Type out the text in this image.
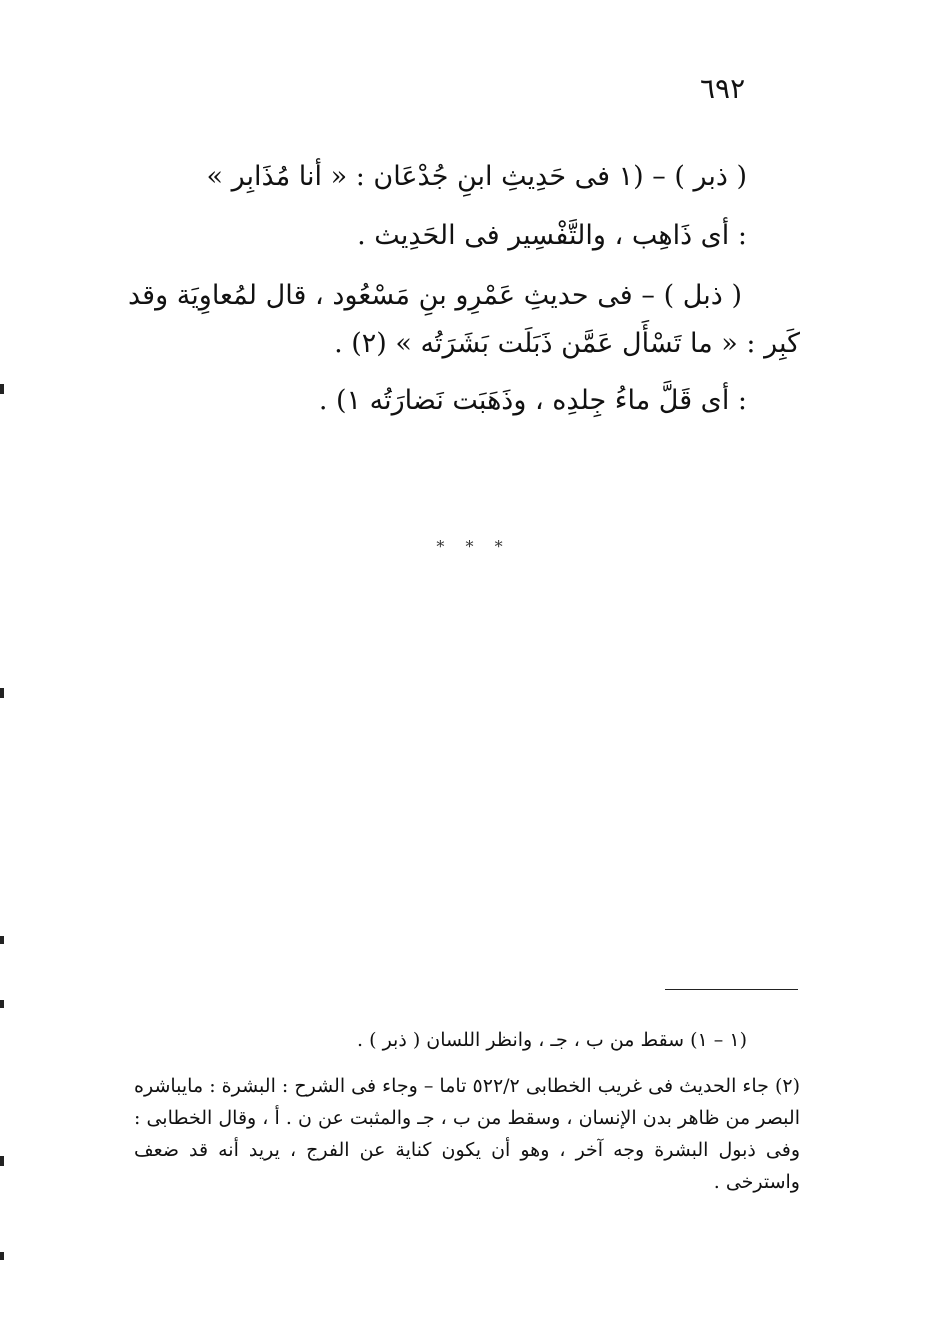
٦٩٢
( ذبر ) – (١ فى حَدِيثِ ابنِ جُدْعَان : « أنا مُذَابِر »
: أى ذَاهِب ، والتَّفْسِير فى الحَدِيث .
( ذبل ) – فى حديثِ عَمْرِو بنِ مَسْعُود ، قال لمُعاوِيَة وقد
كَبِر : « ما تَسْأَل عَمَّن ذَبَلَت بَشَرَتُه » (٢) .
: أى قَلَّ ماءُ جِلدِه ، وذَهَبَت نَضارَتُه ١) .
* * *
(١ – ١) سقط من ب ، جـ ، وانظر اللسان ( ذبر ) .
(٢) جاء الحديث فى غريب الخطابى ٥٢٢/٢ تاما – وجاء فى الشرح : البشرة : مايباشره البصر من ظاهر بدن الإنسان ، وسقط من ب ، جـ والمثبت عن ن . أ ، وقال الخطابى : وفى ذبول البشرة وجه آخر ، وهو أن يكون كناية عن الفرج ، يريد أنه قد ضعف واسترخى .
